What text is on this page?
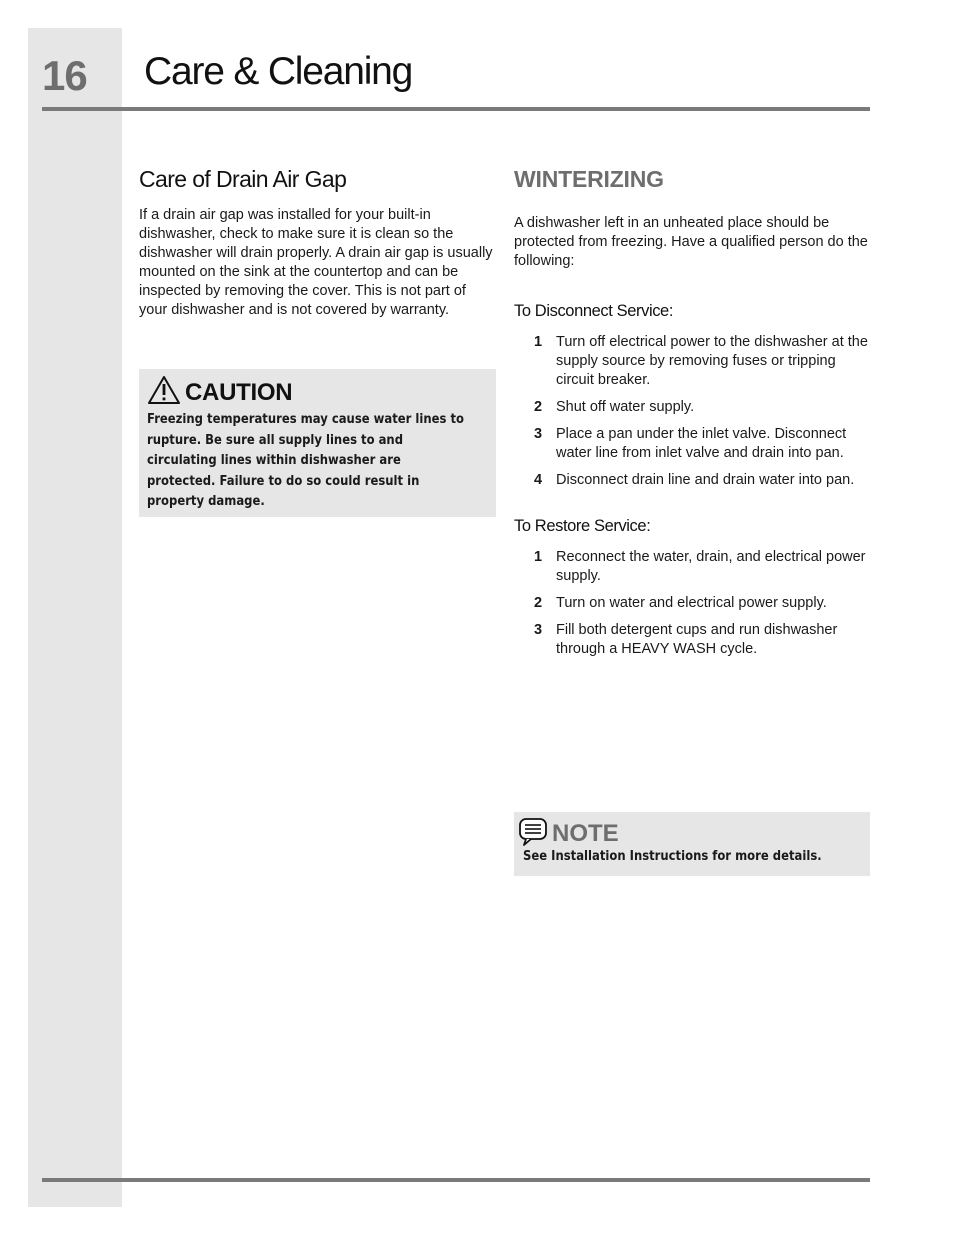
16 Care & Cleaning
Care of Drain Air Gap

If a drain air gap was installed for your built-in dishwasher, check to make sure it is clean so the dishwasher will drain properly. A drain air gap is usually mounted on the sink at the countertop and can be inspected by removing the cover. This is not part of your dishwasher and is not covered by warranty.

CAUTION

Freezing temperatures may cause water lines to rupture. Be sure all supply lines to and circulating lines within dishwasher are protected. Failure to do so could result in property damage.

WINTERIZING

A dishwasher left in an unheated place should be protected from freezing. Have a qualified person do the following:

To Disconnect Service:
1 Turn off electrical power to the dishwasher at the supply source by removing fuses or tripping circuit breaker.
2 Shut off water supply.
3 Place a pan under the inlet valve. Disconnect water line from inlet valve and drain into pan.
4 Disconnect drain line and drain water into pan.
To Restore Service:
1 Reconnect the water, drain, and electrical power supply.
2 Turn on water and electrical power supply.
3 Fill both detergent cups and run dishwasher through a HEAVY WASH cycle.
NOTE

See Installation Instructions for more details.
